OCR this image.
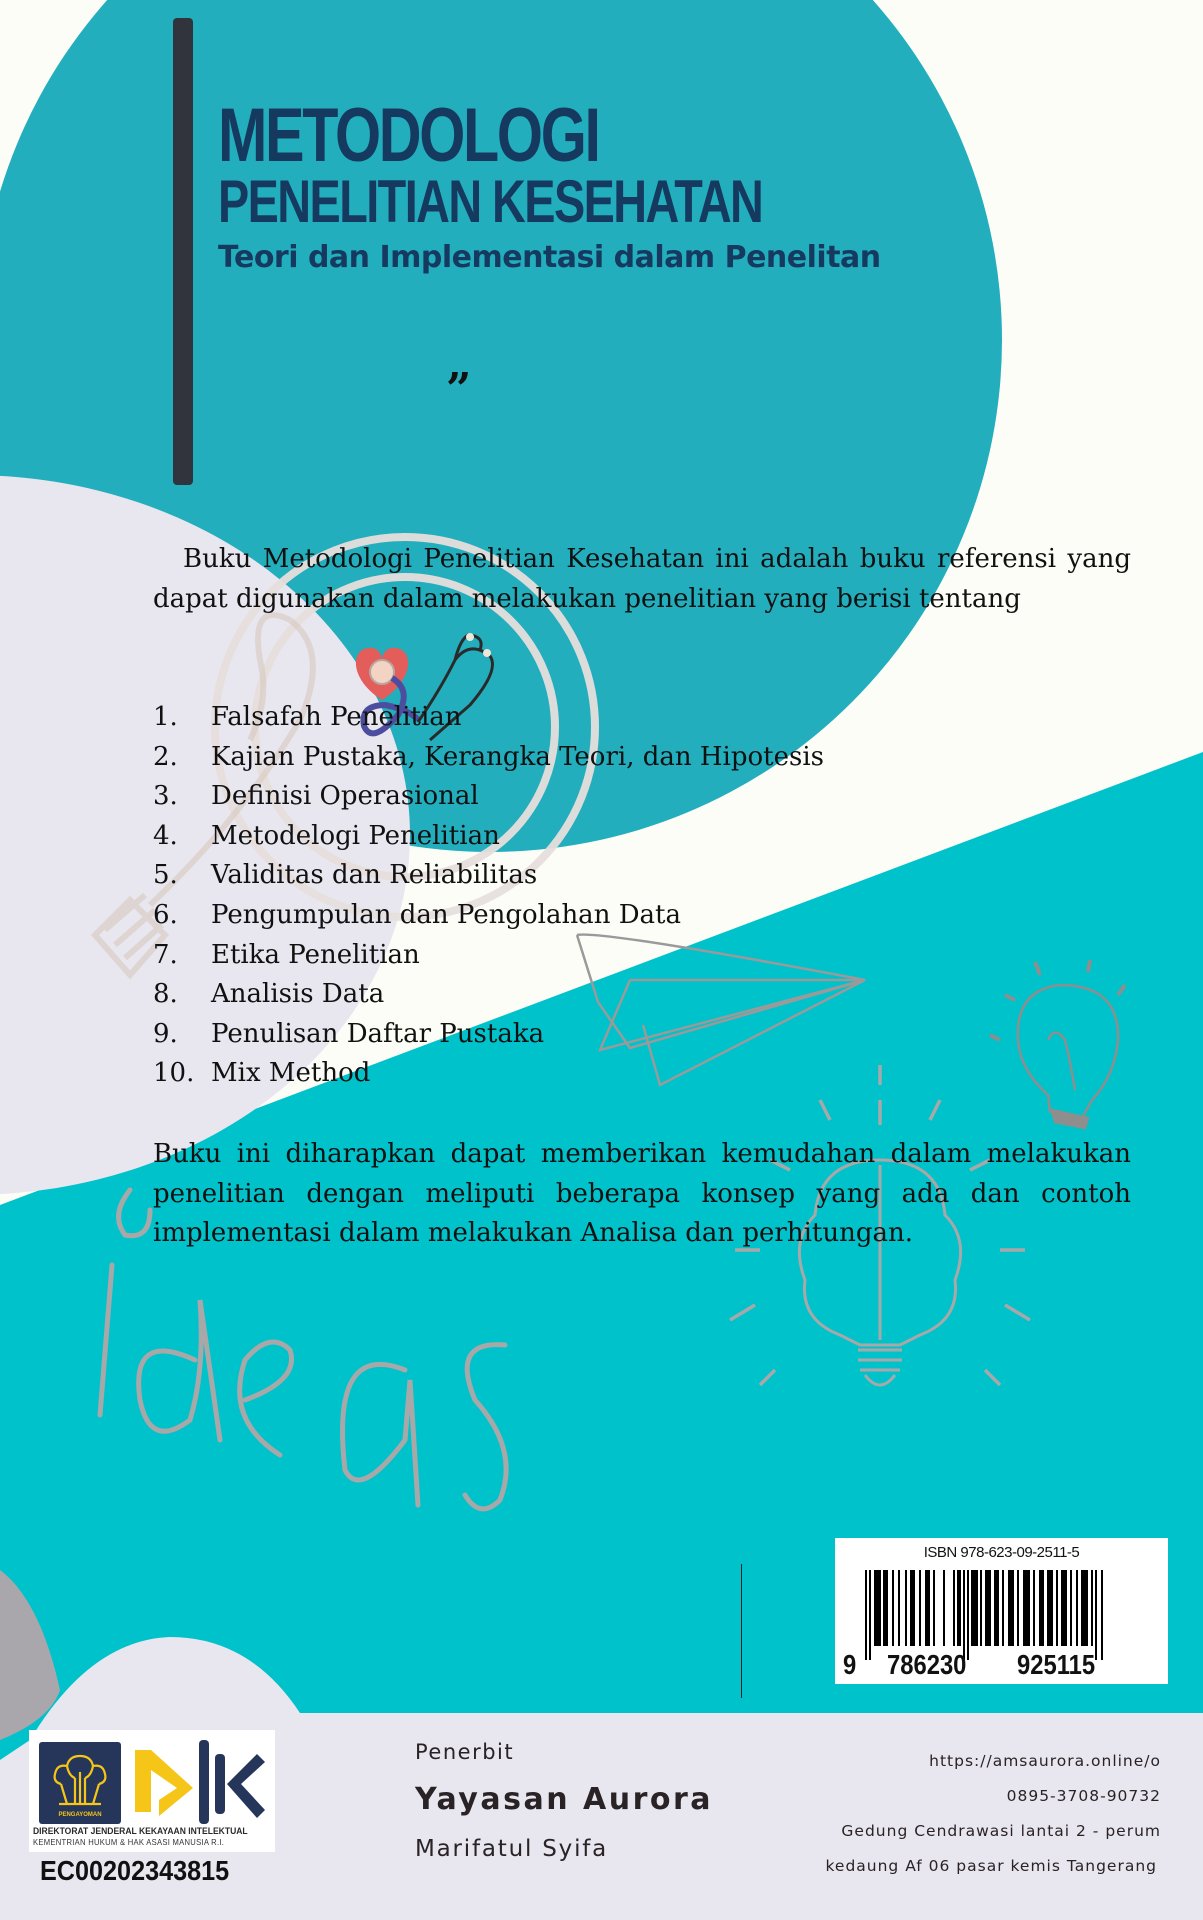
METODOLOGI
PENELITIAN KESEHATAN
Teori dan Implementasi dalam Penelitan
”
Buku Metodologi Penelitian Kesehatan ini adalah buku referensi yang dapat digunakan dalam melakukan penelitian yang berisi tentang
1.	Falsafah Penelitian
2.	Kajian Pustaka, Kerangka Teori, dan Hipotesis
3.	Definisi Operasional
4.	Metodelogi Penelitian
5.	Validitas dan Reliabilitas
6.	Pengumpulan dan Pengolahan Data
7.	Etika Penelitian
8.	Analisis Data
9.	Penulisan Daftar Pustaka
10. Mix Method
Buku ini diharapkan dapat memberikan kemudahan dalam melakukan penelitian dengan meliputi beberapa konsep yang ada dan contoh implementasi dalam melakukan Analisa dan perhitungan.
ISBN 978-623-09-2511-5
9 786230 925115
PENGAYOMAN
DIREKTORAT JENDERAL KEKAYAAN INTELEKTUAL
KEMENTRIAN HUKUM & HAK ASASI MANUSIA R.I.
EC00202343815
Penerbit
Yayasan Aurora
Marifatul Syifa
https://amsaurora.online/o
0895-3708-90732
Gedung Cendrawasi lantai 2 - perum
kedaung Af 06 pasar kemis Tangerang
